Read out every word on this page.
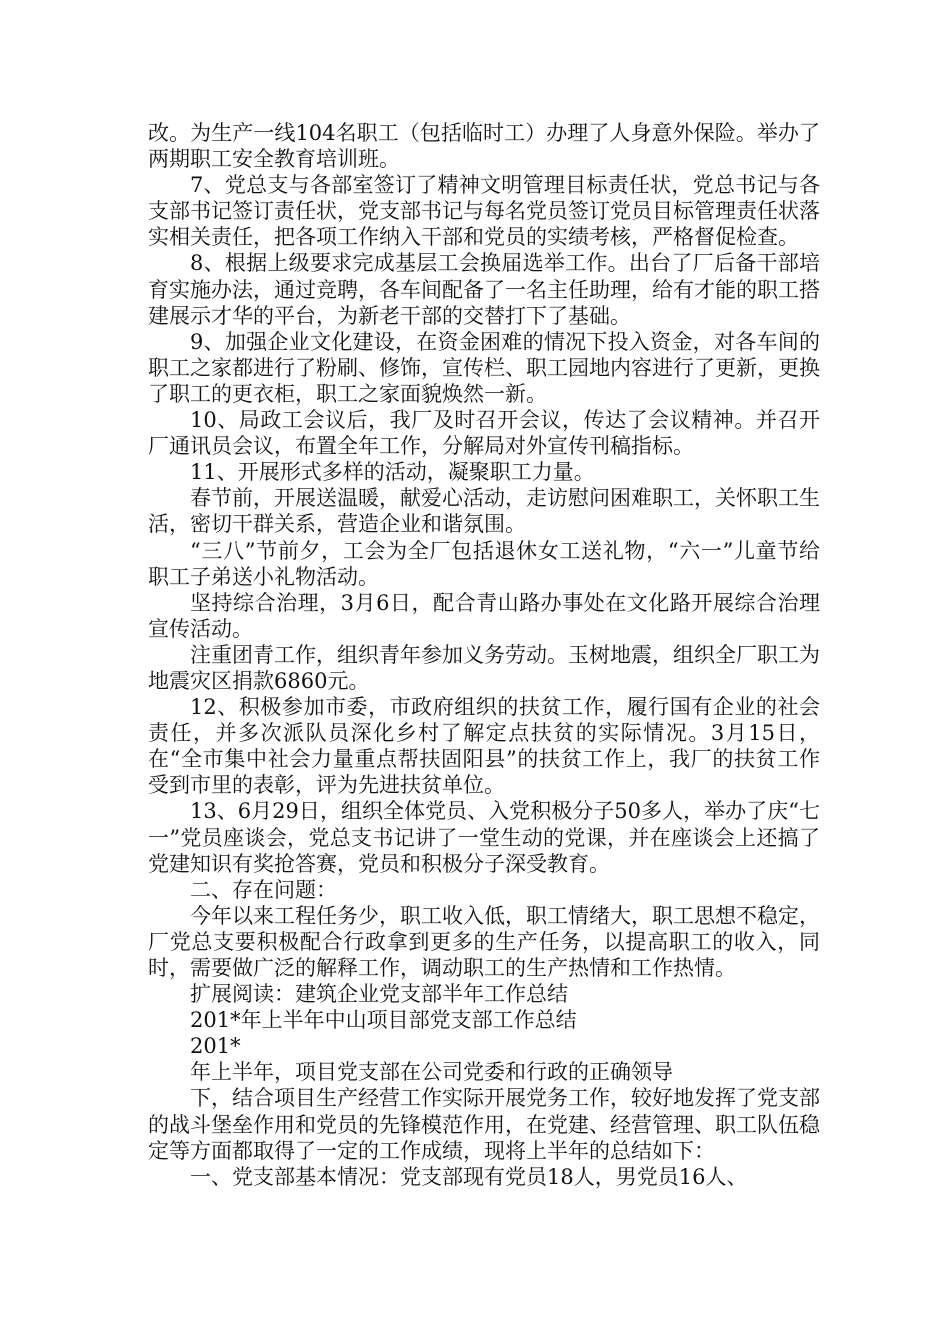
改。为生产一线104名职工（包括临时工）办理了人身意外保险。举办了两期职工安全教育培训班。

7、党总支与各部室签订了精神文明管理目标责任状，党总书记与各支部书记签订责任状，党支部书记与每名党员签订党员目标管理责任状落实相关责任，把各项工作纳入干部和党员的实绩考核，严格督促检查。

8、根据上级要求完成基层工会换届选举工作。出台了厂后备干部培育实施办法，通过竞聘，各车间配备了一名主任助理，给有才能的职工搭建展示才华的平台，为新老干部的交替打下了基础。

9、加强企业文化建设，在资金困难的情况下投入资金，对各车间的职工之家都进行了粉刷、修饰，宣传栏、职工园地内容进行了更新，更换了职工的更衣柜，职工之家面貌焕然一新。

10、局政工会议后，我厂及时召开会议，传达了会议精神。并召开厂通讯员会议，布置全年工作，分解局对外宣传刊稿指标。

11、开展形式多样的活动，凝聚职工力量。

春节前，开展送温暖，献爱心活动，走访慰问困难职工，关怀职工生活，密切干群关系，营造企业和谐氛围。

“三八”节前夕，工会为全厂包括退休女工送礼物，“六一”儿童节给职工子弟送小礼物活动。

坚持综合治理，3月6日，配合青山路办事处在文化路开展综合治理宣传活动。

注重团青工作，组织青年参加义务劳动。玉树地震，组织全厂职工为地震灾区捐款6860元。

12、积极参加市委，市政府组织的扶贫工作，履行国有企业的社会责任，并多次派队员深化乡村了解定点扶贫的实际情况。3月15日，在“全市集中社会力量重点帮扶固阳县”的扶贫工作上，我厂的扶贫工作受到市里的表彰，评为先进扶贫单位。

13、6月29日，组织全体党员、入党积极分子50多人，举办了庆“七一”党员座谈会，党总支书记讲了一堂生动的党课，并在座谈会上还搞了党建知识有奖抢答赛，党员和积极分子深受教育。

二、存在问题：

今年以来工程任务少，职工收入低，职工情绪大，职工思想不稳定，厂党总支要积极配合行政拿到更多的生产任务，以提高职工的收入，同时，需要做广泛的解释工作，调动职工的生产热情和工作热情。

扩展阅读：建筑企业党支部半年工作总结

201*年上半年中山项目部党支部工作总结

201*

年上半年，项目党支部在公司党委和行政的正确领导

下，结合项目生产经营工作实际开展党务工作，较好地发挥了党支部的战斗堡垒作用和党员的先锋模范作用，在党建、经营管理、职工队伍稳定等方面都取得了一定的工作成绩，现将上半年的总结如下：

一、党支部基本情况：党支部现有党员18人，男党员16人、
